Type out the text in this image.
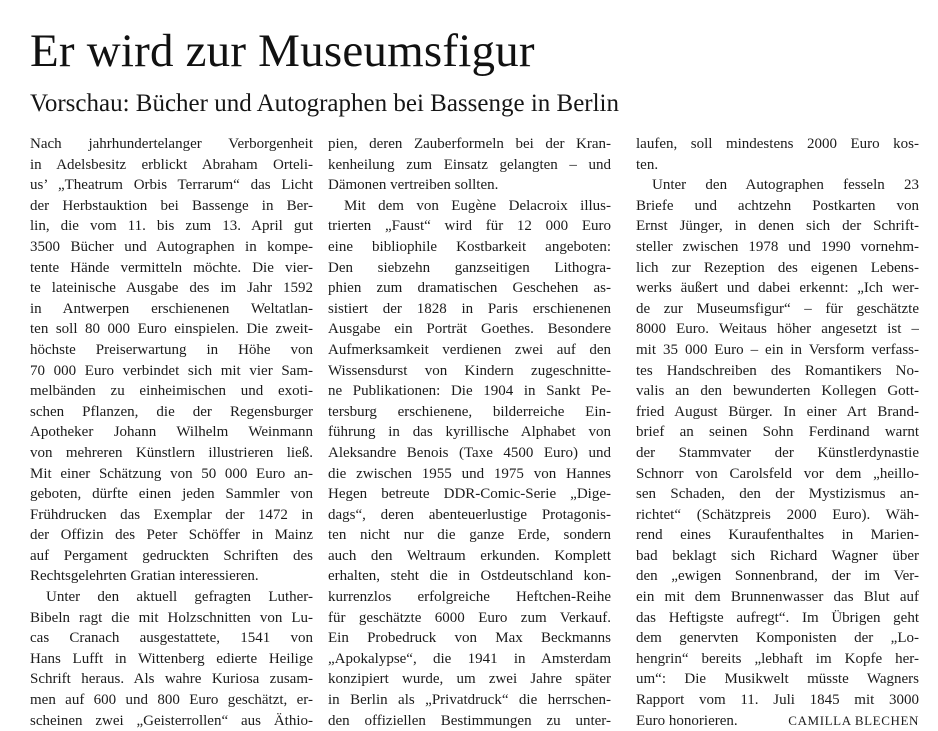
Er wird zur Museumsfigur
Vorschau: Bücher und Autographen bei Bassenge in Berlin
Nach jahrhundertelanger Verborgenheit
in Adelsbesitz erblickt Abraham Orteli-
us’ „Theatrum Orbis Terrarum“ das Licht
der Herbstauktion bei Bassenge in Ber-
lin, die vom 11. bis zum 13. April gut
3500 Bücher und Autographen in kompe-
tente Hände vermitteln möchte. Die vier-
te lateinische Ausgabe des im Jahr 1592
in Antwerpen erschienenen Weltatlan-
ten soll 80 000 Euro einspielen. Die zweit-
höchste Preiserwartung in Höhe von
70 000 Euro verbindet sich mit vier Sam-
melbänden zu einheimischen und exoti-
schen Pflanzen, die der Regensburger
Apotheker Johann Wilhelm Weinmann
von mehreren Künstlern illustrieren ließ.
Mit einer Schätzung von 50 000 Euro an-
geboten, dürfte einen jeden Sammler von
Frühdrucken das Exemplar der 1472 in
der Offizin des Peter Schöffer in Mainz
auf Pergament gedruckten Schriften des
Rechtsgelehrten Gratian interessieren.
Unter den aktuell gefragten Luther-
Bibeln ragt die mit Holzschnitten von Lu-
cas Cranach ausgestattete, 1541 von
Hans Lufft in Wittenberg edierte Heilige
Schrift heraus. Als wahre Kuriosa zusam-
men auf 600 und 800 Euro geschätzt, er-
scheinen zwei „Geisterrollen“ aus Äthio-
pien, deren Zauberformeln bei der Kran-
kenheilung zum Einsatz gelangten – und
Dämonen vertreiben sollten.
Mit dem von Eugène Delacroix illus-
trierten „Faust“ wird für 12 000 Euro
eine bibliophile Kostbarkeit angeboten:
Den siebzehn ganzseitigen Lithogra-
phien zum dramatischen Geschehen as-
sistiert der 1828 in Paris erschienenen
Ausgabe ein Porträt Goethes. Besondere
Aufmerksamkeit verdienen zwei auf den
Wissensdurst von Kindern zugeschnitte-
ne Publikationen: Die 1904 in Sankt Pe-
tersburg erschienene, bilderreiche Ein-
führung in das kyrillische Alphabet von
Aleksandre Benois (Taxe 4500 Euro) und
die zwischen 1955 und 1975 von Hannes
Hegen betreute DDR-Comic-Serie „Dige-
dags“, deren abenteuerlustige Protagonis-
ten nicht nur die ganze Erde, sondern
auch den Weltraum erkunden. Komplett
erhalten, steht die in Ostdeutschland kon-
kurrenzlos erfolgreiche Heftchen-Reihe
für geschätzte 6000 Euro zum Verkauf.
Ein Probedruck von Max Beckmanns
„Apokalypse“, die 1941 in Amsterdam
konzipiert wurde, um zwei Jahre später
in Berlin als „Privatdruck“ die herrschen-
den offiziellen Bestimmungen zu unter-
laufen, soll mindestens 2000 Euro kos-
ten.
Unter den Autographen fesseln 23
Briefe und achtzehn Postkarten von
Ernst Jünger, in denen sich der Schrift-
steller zwischen 1978 und 1990 vornehm-
lich zur Rezeption des eigenen Lebens-
werks äußert und dabei erkennt: „Ich wer-
de zur Museumsfigur“ – für geschätzte
8000 Euro. Weitaus höher angesetzt ist –
mit 35 000 Euro – ein in Versform verfass-
tes Handschreiben des Romantikers No-
valis an den bewunderten Kollegen Gott-
fried August Bürger. In einer Art Brand-
brief an seinen Sohn Ferdinand warnt
der Stammvater der Künstlerdynastie
Schnorr von Carolsfeld vor dem „heillo-
sen Schaden, den der Mystizismus an-
richtet“ (Schätzpreis 2000 Euro). Wäh-
rend eines Kuraufenthaltes in Marien-
bad beklagt sich Richard Wagner über
den „ewigen Sonnenbrand, der im Ver-
ein mit dem Brunnenwasser das Blut auf
das Heftigste aufregt“. Im Übrigen geht
dem genervten Komponisten der „Lo-
hengrin“ bereits „lebhaft im Kopfe her-
um“: Die Musikwelt müsste Wagners
Rapport vom 11. Juli 1845 mit 3000
Euro honorieren.	CAMILLA BLECHEN
